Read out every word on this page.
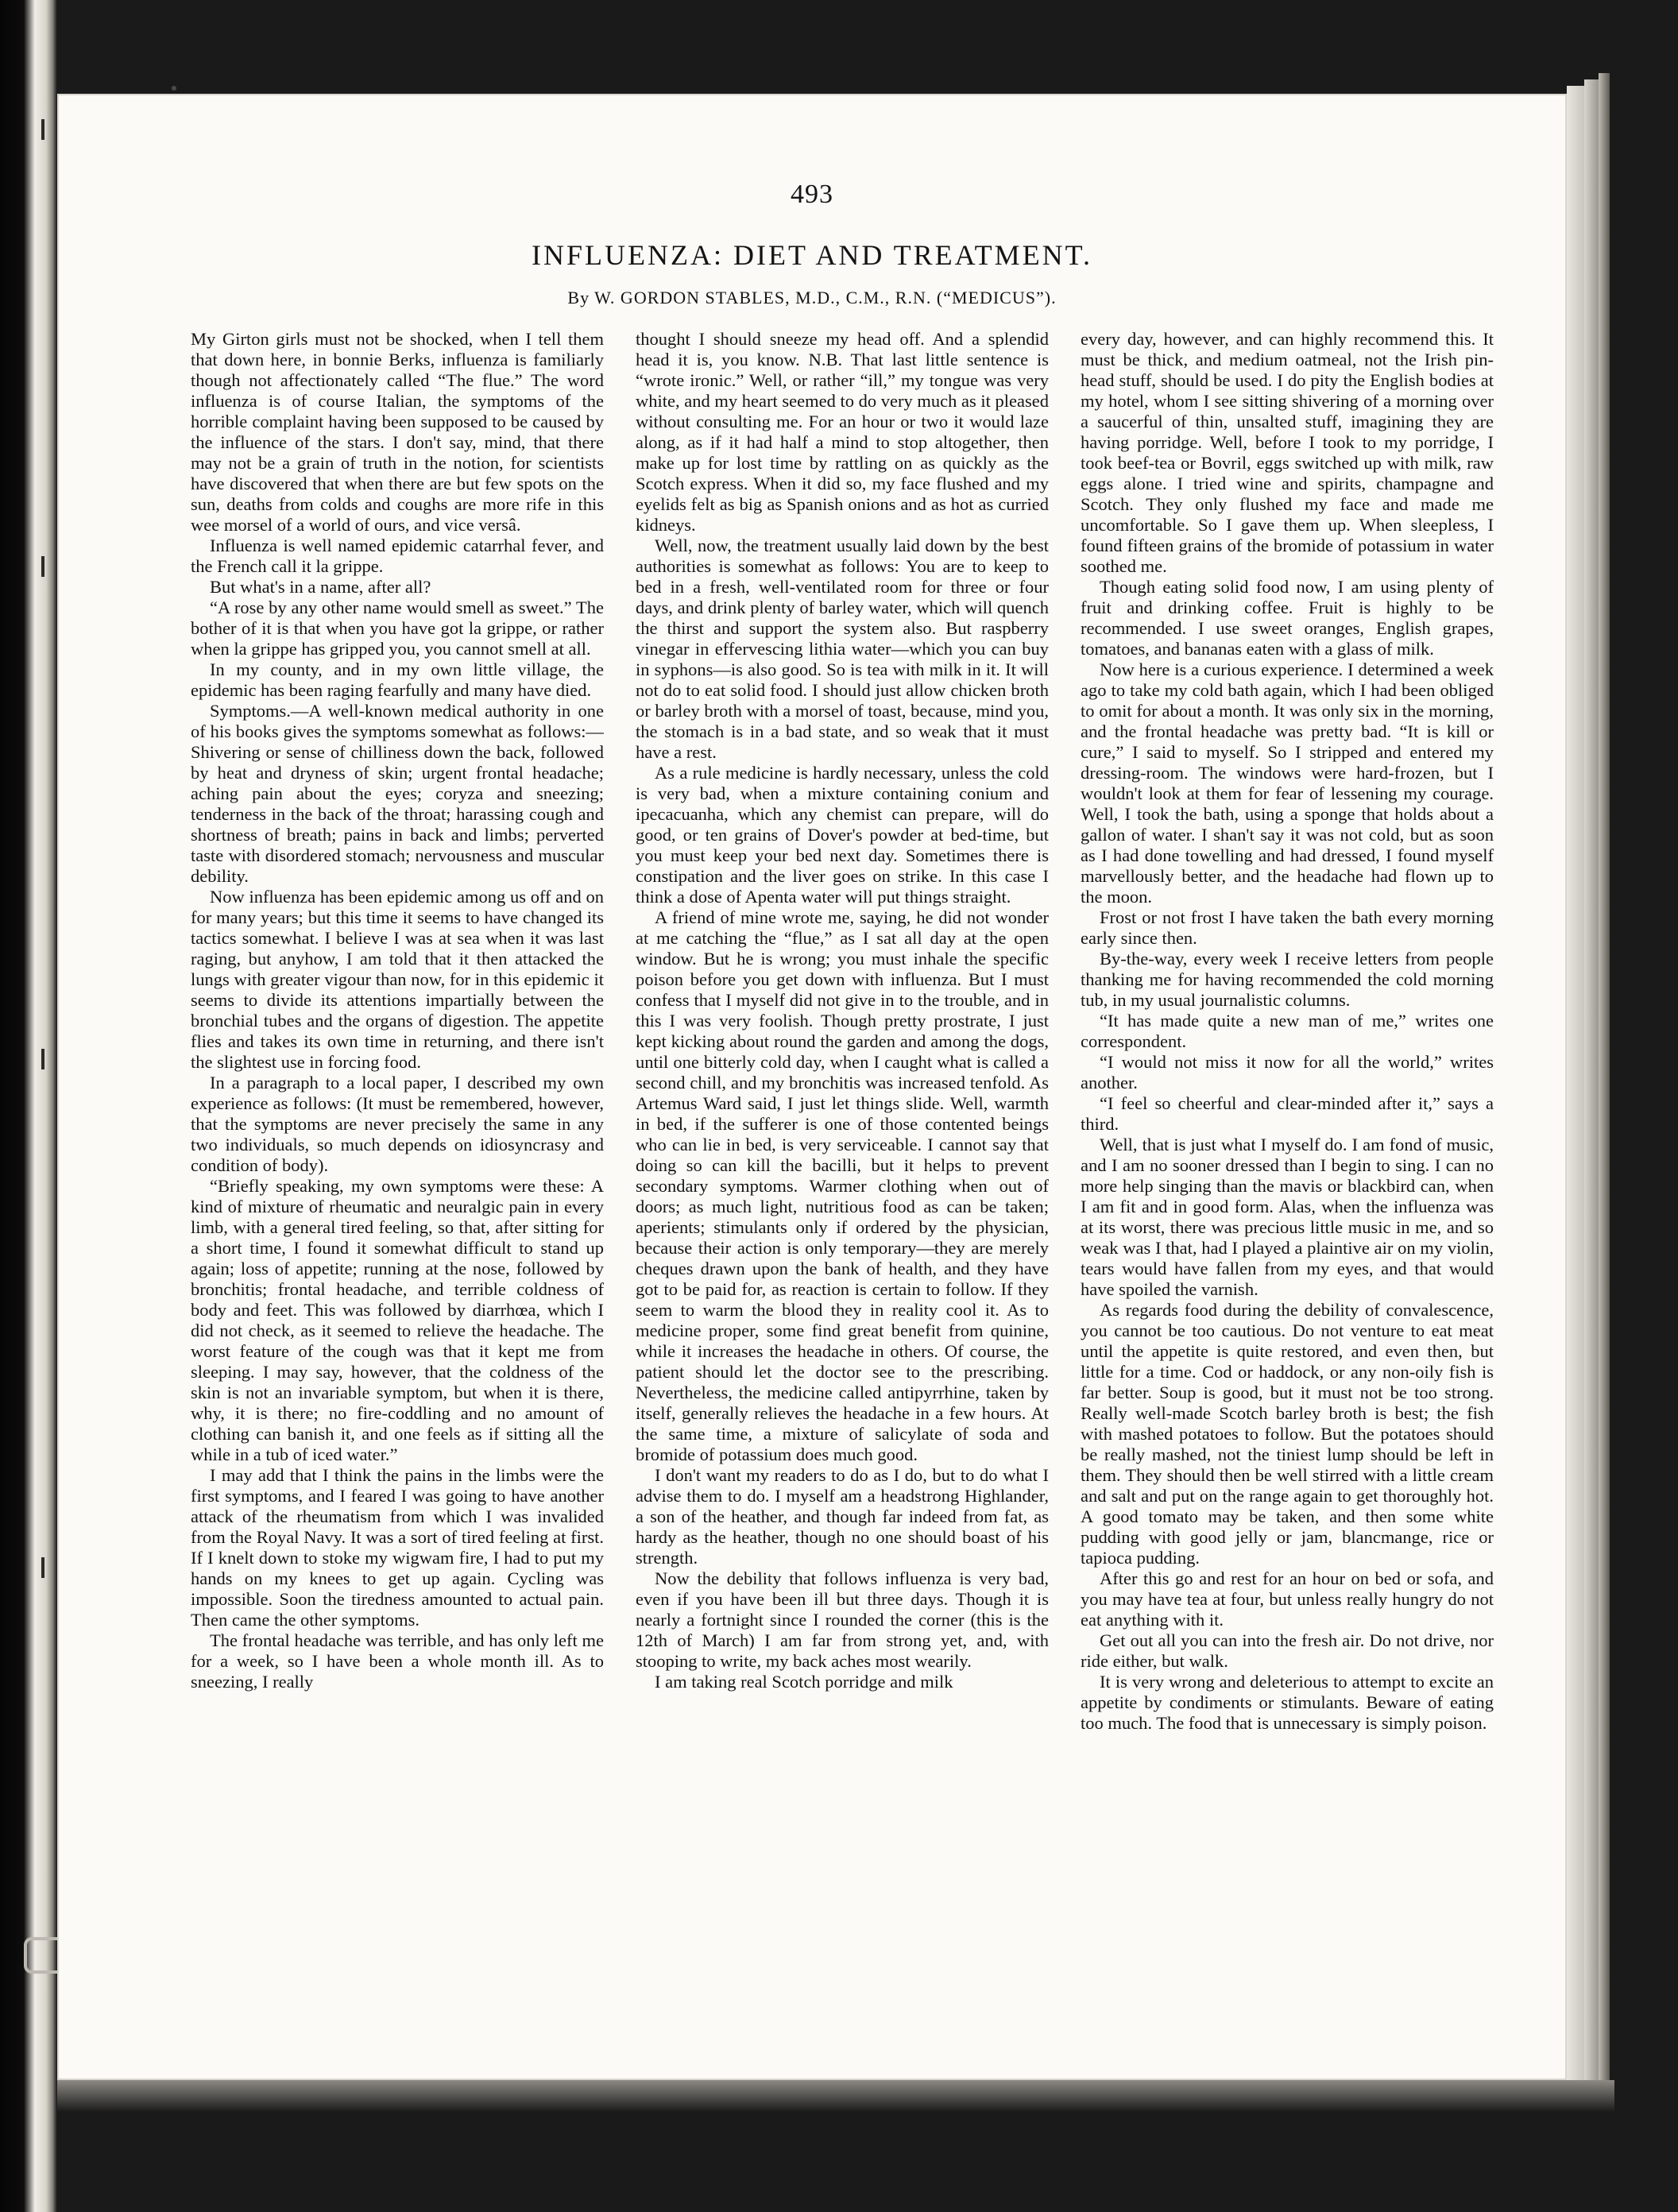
493
INFLUENZA: DIET AND TREATMENT.
By W. GORDON STABLES, M.D., C.M., R.N. (“MEDICUS”).

My Girton girls must not be shocked, when I tell them that down here, in bonnie Berks, influenza is familiarly though not affectionately called “The flue.” The word influenza is of course Italian, the symptoms of the horrible complaint having been supposed to be caused by the influence of the stars. I don't say, mind, that there may not be a grain of truth in the notion, for scientists have discovered that when there are but few spots on the sun, deaths from colds and coughs are more rife in this wee morsel of a world of ours, and vice versâ.

Influenza is well named epidemic catarrhal fever, and the French call it la grippe.

But what's in a name, after all?

“A rose by any other name would smell as sweet.” The bother of it is that when you have got la grippe, or rather when la grippe has gripped you, you cannot smell at all.

In my county, and in my own little village, the epidemic has been raging fearfully and many have died.

Symptoms.—A well-known medical authority in one of his books gives the symptoms somewhat as follows:—Shivering or sense of chilliness down the back, followed by heat and dryness of skin; urgent frontal headache; aching pain about the eyes; coryza and sneezing; tenderness in the back of the throat; harassing cough and shortness of breath; pains in back and limbs; perverted taste with disordered stomach; nervousness and muscular debility.

Now influenza has been epidemic among us off and on for many years; but this time it seems to have changed its tactics somewhat. I believe I was at sea when it was last raging, but anyhow, I am told that it then attacked the lungs with greater vigour than now, for in this epidemic it seems to divide its attentions impartially between the bronchial tubes and the organs of digestion. The appetite flies and takes its own time in returning, and there isn't the slightest use in forcing food.

In a paragraph to a local paper, I described my own experience as follows: (It must be remembered, however, that the symptoms are never precisely the same in any two individuals, so much depends on idiosyncrasy and condition of body).

“Briefly speaking, my own symptoms were these: A kind of mixture of rheumatic and neuralgic pain in every limb, with a general tired feeling, so that, after sitting for a short time, I found it somewhat difficult to stand up again; loss of appetite; running at the nose, followed by bronchitis; frontal headache, and terrible coldness of body and feet. This was followed by diarrhœa, which I did not check, as it seemed to relieve the headache. The worst feature of the cough was that it kept me from sleeping. I may say, however, that the coldness of the skin is not an invariable symptom, but when it is there, why, it is there; no fire-coddling and no amount of clothing can banish it, and one feels as if sitting all the while in a tub of iced water.”

I may add that I think the pains in the limbs were the first symptoms, and I feared I was going to have another attack of the rheumatism from which I was invalided from the Royal Navy. It was a sort of tired feeling at first. If I knelt down to stoke my wigwam fire, I had to put my hands on my knees to get up again. Cycling was impossible. Soon the tiredness amounted to actual pain. Then came the other symptoms.

The frontal headache was terrible, and has only left me for a week, so I have been a whole month ill. As to sneezing, I really

thought I should sneeze my head off. And a splendid head it is, you know. N.B. That last little sentence is “wrote ironic.” Well, or rather “ill,” my tongue was very white, and my heart seemed to do very much as it pleased without consulting me. For an hour or two it would laze along, as if it had half a mind to stop altogether, then make up for lost time by rattling on as quickly as the Scotch express. When it did so, my face flushed and my eyelids felt as big as Spanish onions and as hot as curried kidneys.

Well, now, the treatment usually laid down by the best authorities is somewhat as follows: You are to keep to bed in a fresh, well-ventilated room for three or four days, and drink plenty of barley water, which will quench the thirst and support the system also. But raspberry vinegar in effervescing lithia water—which you can buy in syphons—is also good. So is tea with milk in it. It will not do to eat solid food. I should just allow chicken broth or barley broth with a morsel of toast, because, mind you, the stomach is in a bad state, and so weak that it must have a rest.

As a rule medicine is hardly necessary, unless the cold is very bad, when a mixture containing conium and ipecacuanha, which any chemist can prepare, will do good, or ten grains of Dover's powder at bed-time, but you must keep your bed next day. Sometimes there is constipation and the liver goes on strike. In this case I think a dose of Apenta water will put things straight.

A friend of mine wrote me, saying, he did not wonder at me catching the “flue,” as I sat all day at the open window. But he is wrong; you must inhale the specific poison before you get down with influenza. But I must confess that I myself did not give in to the trouble, and in this I was very foolish. Though pretty prostrate, I just kept kicking about round the garden and among the dogs, until one bitterly cold day, when I caught what is called a second chill, and my bronchitis was increased tenfold. As Artemus Ward said, I just let things slide. Well, warmth in bed, if the sufferer is one of those contented beings who can lie in bed, is very serviceable. I cannot say that doing so can kill the bacilli, but it helps to prevent secondary symptoms. Warmer clothing when out of doors; as much light, nutritious food as can be taken; aperients; stimulants only if ordered by the physician, because their action is only temporary—they are merely cheques drawn upon the bank of health, and they have got to be paid for, as reaction is certain to follow. If they seem to warm the blood they in reality cool it. As to medicine proper, some find great benefit from quinine, while it increases the headache in others. Of course, the patient should let the doctor see to the prescribing. Nevertheless, the medicine called antipyrrhine, taken by itself, generally relieves the headache in a few hours. At the same time, a mixture of salicylate of soda and bromide of potassium does much good.

I don't want my readers to do as I do, but to do what I advise them to do. I myself am a headstrong Highlander, a son of the heather, and though far indeed from fat, as hardy as the heather, though no one should boast of his strength.

Now the debility that follows influenza is very bad, even if you have been ill but three days. Though it is nearly a fortnight since I rounded the corner (this is the 12th of March) I am far from strong yet, and, with stooping to write, my back aches most wearily.

I am taking real Scotch porridge and milk

every day, however, and can highly recommend this. It must be thick, and medium oatmeal, not the Irish pin-head stuff, should be used. I do pity the English bodies at my hotel, whom I see sitting shivering of a morning over a saucerful of thin, unsalted stuff, imagining they are having porridge. Well, before I took to my porridge, I took beef-tea or Bovril, eggs switched up with milk, raw eggs alone. I tried wine and spirits, champagne and Scotch. They only flushed my face and made me uncomfortable. So I gave them up. When sleepless, I found fifteen grains of the bromide of potassium in water soothed me.

Though eating solid food now, I am using plenty of fruit and drinking coffee. Fruit is highly to be recommended. I use sweet oranges, English grapes, tomatoes, and bananas eaten with a glass of milk.

Now here is a curious experience. I determined a week ago to take my cold bath again, which I had been obliged to omit for about a month. It was only six in the morning, and the frontal headache was pretty bad. “It is kill or cure,” I said to myself. So I stripped and entered my dressing-room. The windows were hard-frozen, but I wouldn't look at them for fear of lessening my courage. Well, I took the bath, using a sponge that holds about a gallon of water. I shan't say it was not cold, but as soon as I had done towelling and had dressed, I found myself marvellously better, and the headache had flown up to the moon.

Frost or not frost I have taken the bath every morning early since then.

By-the-way, every week I receive letters from people thanking me for having recommended the cold morning tub, in my usual journalistic columns.

“It has made quite a new man of me,” writes one correspondent.

“I would not miss it now for all the world,” writes another.

“I feel so cheerful and clear-minded after it,” says a third.

Well, that is just what I myself do. I am fond of music, and I am no sooner dressed than I begin to sing. I can no more help singing than the mavis or blackbird can, when I am fit and in good form. Alas, when the influenza was at its worst, there was precious little music in me, and so weak was I that, had I played a plaintive air on my violin, tears would have fallen from my eyes, and that would have spoiled the varnish.

As regards food during the debility of convalescence, you cannot be too cautious. Do not venture to eat meat until the appetite is quite restored, and even then, but little for a time. Cod or haddock, or any non-oily fish is far better. Soup is good, but it must not be too strong. Really well-made Scotch barley broth is best; the fish with mashed potatoes to follow. But the potatoes should be really mashed, not the tiniest lump should be left in them. They should then be well stirred with a little cream and salt and put on the range again to get thoroughly hot. A good tomato may be taken, and then some white pudding with good jelly or jam, blancmange, rice or tapioca pudding.

After this go and rest for an hour on bed or sofa, and you may have tea at four, but unless really hungry do not eat anything with it.

Get out all you can into the fresh air. Do not drive, nor ride either, but walk.

It is very wrong and deleterious to attempt to excite an appetite by condiments or stimulants. Beware of eating too much. The food that is unnecessary is simply poison.
